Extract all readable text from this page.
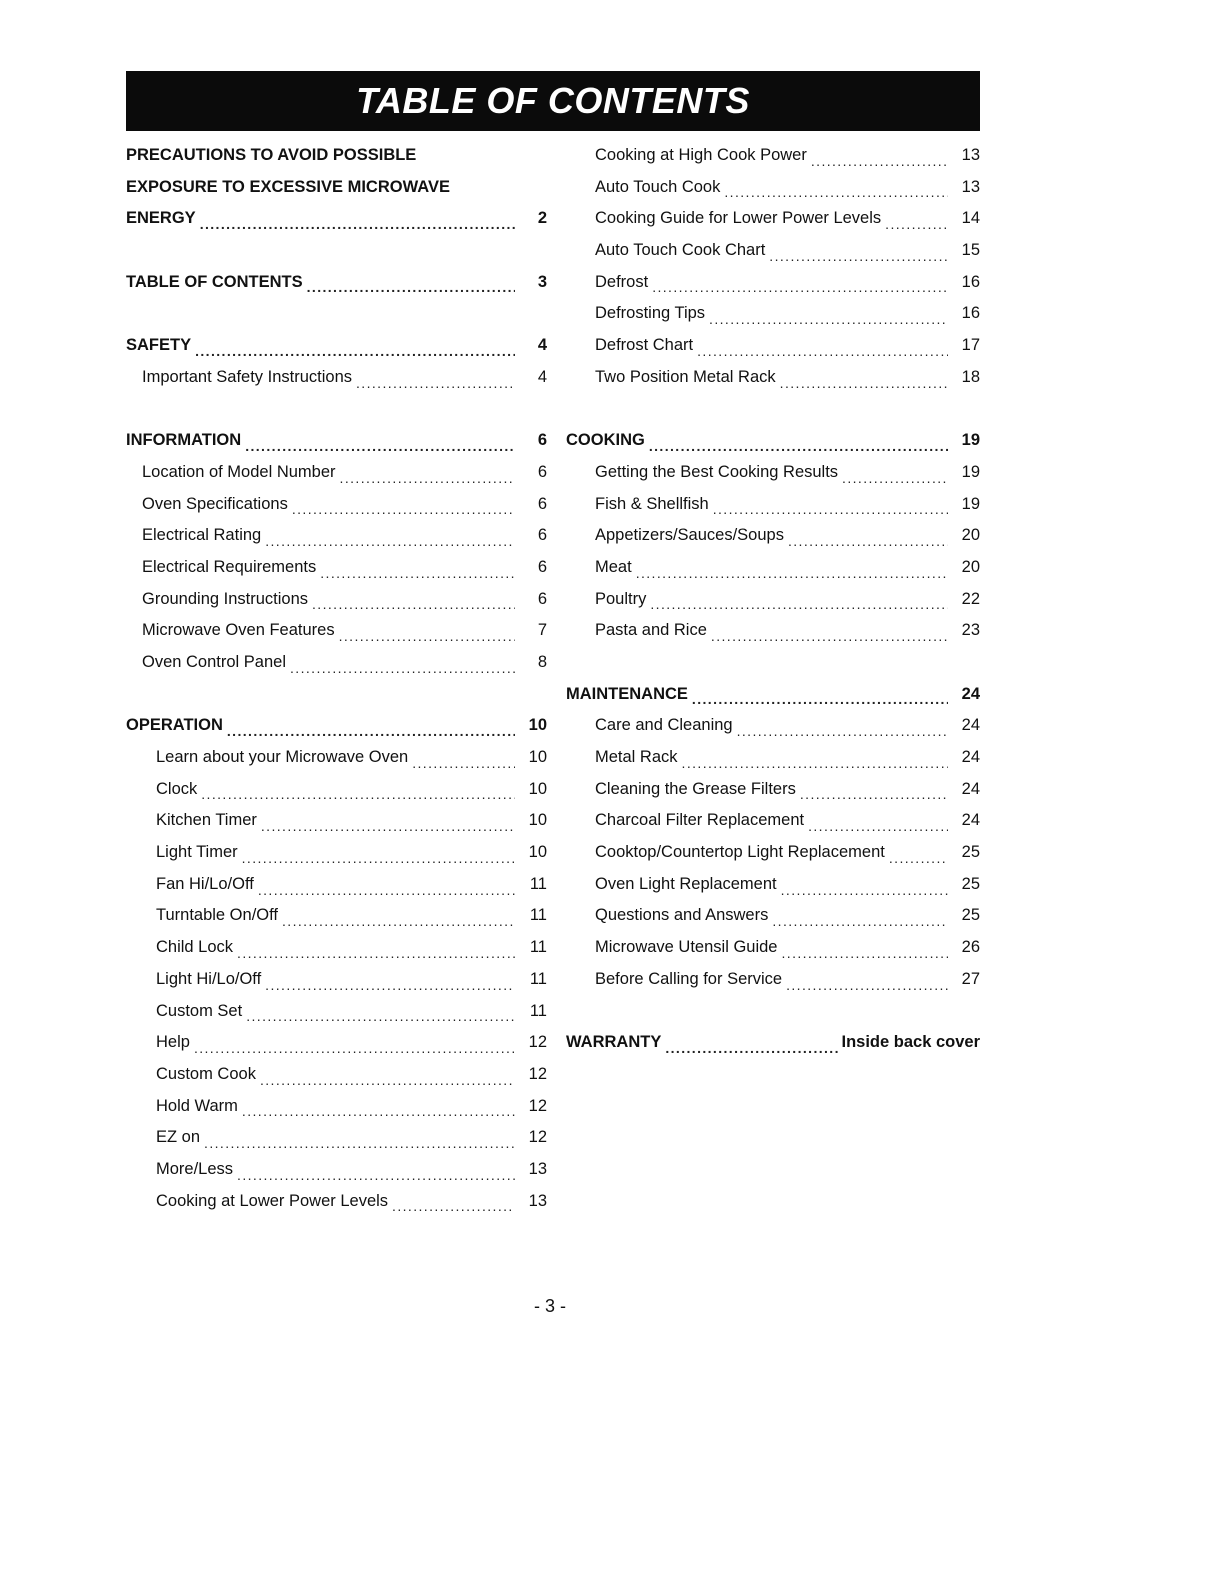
TABLE OF CONTENTS
PRECAUTIONS TO AVOID POSSIBLE
EXPOSURE TO EXCESSIVE MICROWAVE
ENERGY .....	2
TABLE OF CONTENTS .....	3
SAFETY .....	4
Important Safety Instructions .....	4
INFORMATION .....	6
Location of Model Number .....	6
Oven Specifications .....	6
Electrical Rating .....	6
Electrical Requirements .....	6
Grounding Instructions .....	6
Microwave Oven Features .....	7
Oven Control Panel .....	8
OPERATION .....	10
Learn about your Microwave Oven .....	10
Clock .....	10
Kitchen Timer .....	10
Light Timer .....	10
Fan Hi/Lo/Off .....	11
Turntable On/Off .....	11
Child Lock .....	11
Light Hi/Lo/Off .....	11
Custom Set .....	11
Help .....	12
Custom Cook .....	12
Hold Warm .....	12
EZ on .....	12
More/Less .....	13
Cooking at Lower Power Levels .....	13
Cooking at High Cook Power .....	13
Auto Touch Cook .....	13
Cooking Guide for Lower Power Levels .....	14
Auto Touch Cook Chart .....	15
Defrost .....	16
Defrosting Tips .....	16
Defrost Chart .....	17
Two Position Metal Rack .....	18
COOKING .....	19
Getting the Best Cooking Results .....	19
Fish & Shellfish .....	19
Appetizers/Sauces/Soups .....	20
Meat .....	20
Poultry .....	22
Pasta and Rice .....	23
MAINTENANCE .....	24
Care and Cleaning .....	24
Metal Rack .....	24
Cleaning the Grease Filters .....	24
Charcoal Filter Replacement .....	24
Cooktop/Countertop Light Replacement .....	25
Oven Light Replacement .....	25
Questions and Answers .....	25
Microwave Utensil Guide .....	26
Before Calling for Service .....	27
WARRANTY .....	Inside back cover
- 3 -
